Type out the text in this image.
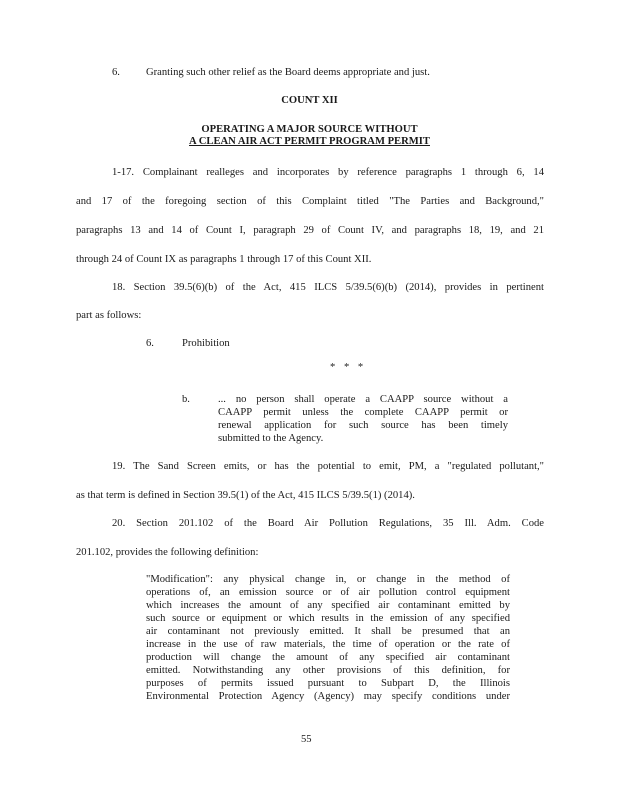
6. Granting such other relief as the Board deems appropriate and just.
COUNT XII
OPERATING A MAJOR SOURCE WITHOUT
A CLEAN AIR ACT PERMIT PROGRAM PERMIT
1-17. Complainant realleges and incorporates by reference paragraphs 1 through 6, 14
and 17 of the foregoing section of this Complaint titled "The Parties and Background,"
paragraphs 13 and 14 of Count I, paragraph 29 of Count IV, and paragraphs 18, 19, and 21
through 24 of Count IX as paragraphs 1 through 17 of this Count XII.
18. Section 39.5(6)(b) of the Act, 415 ILCS 5/39.5(6)(b) (2014), provides in pertinent
part as follows:
6.	Prohibition
* * *
b.	... no person shall operate a CAAPP source without a
CAAPP permit unless the complete CAAPP permit or
renewal application for such source has been timely
submitted to the Agency.
19. The Sand Screen emits, or has the potential to emit, PM, a "regulated pollutant,"
as that term is defined in Section 39.5(1) of the Act, 415 ILCS 5/39.5(1) (2014).
20. Section 201.102 of the Board Air Pollution Regulations, 35 Ill. Adm. Code
201.102, provides the following definition:
"Modification": any physical change in, or change in the method of
operations of, an emission source or of air pollution control equipment
which increases the amount of any specified air contaminant emitted by
such source or equipment or which results in the emission of any specified
air contaminant not previously emitted. It shall be presumed that an
increase in the use of raw materials, the time of operation or the rate of
production will change the amount of any specified air contaminant
emitted. Notwithstanding any other provisions of this definition, for
purposes of permits issued pursuant to Subpart D, the Illinois
Environmental Protection Agency (Agency) may specify conditions under
55
